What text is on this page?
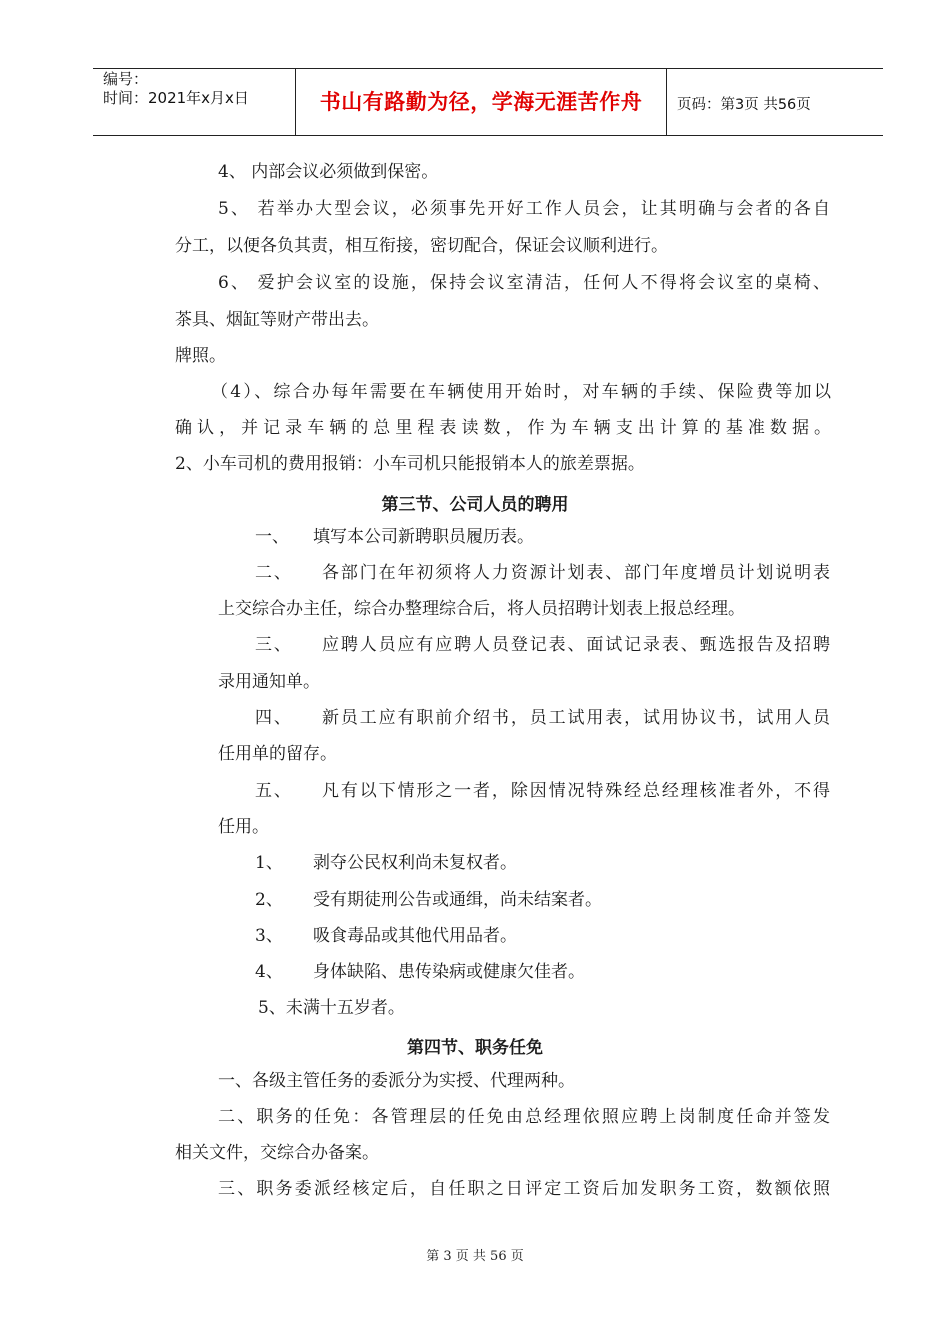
编号：
时间：2021年x月x日	书山有路勤为径，学海无涯苦作舟	页码：第3页 共56页
4、 内部会议必须做到保密。
5、 若举办大型会议，必须事先开好工作人员会，让其明确与会者的各自
分工，以便各负其责，相互衔接，密切配合，保证会议顺利进行。
6、 爱护会议室的设施，保持会议室清洁，任何人不得将会议室的桌椅、
茶具、烟缸等财产带出去。
牌照。
（4）、综合办每年需要在车辆使用开始时，对车辆的手续、保险费等加以
确认，并记录车辆的总里程表读数，作为车辆支出计算的基准数据。
2、小车司机的费用报销：小车司机只能报销本人的旅差票据。
第三节、公司人员的聘用
一、 填写本公司新聘职员履历表。
二、 各部门在年初须将人力资源计划表、部门年度增员计划说明表
上交综合办主任，综合办整理综合后，将人员招聘计划表上报总经理。
三、 应聘人员应有应聘人员登记表、面试记录表、甄选报告及招聘
录用通知单。
四、 新员工应有职前介绍书，员工试用表，试用协议书，试用人员
任用单的留存。
五、 凡有以下情形之一者，除因情况特殊经总经理核准者外，不得
任用。
1、 剥夺公民权利尚未复权者。
2、 受有期徒刑公告或通缉，尚未结案者。
3、 吸食毒品或其他代用品者。
4、 身体缺陷、患传染病或健康欠佳者。
5、未满十五岁者。
第四节、职务任免
一、各级主管任务的委派分为实授、代理两种。
二、职务的任免：各管理层的任免由总经理依照应聘上岗制度任命并签发
相关文件，交综合办备案。
三、职务委派经核定后，自任职之日评定工资后加发职务工资，数额依照
第 3 页 共 56 页
